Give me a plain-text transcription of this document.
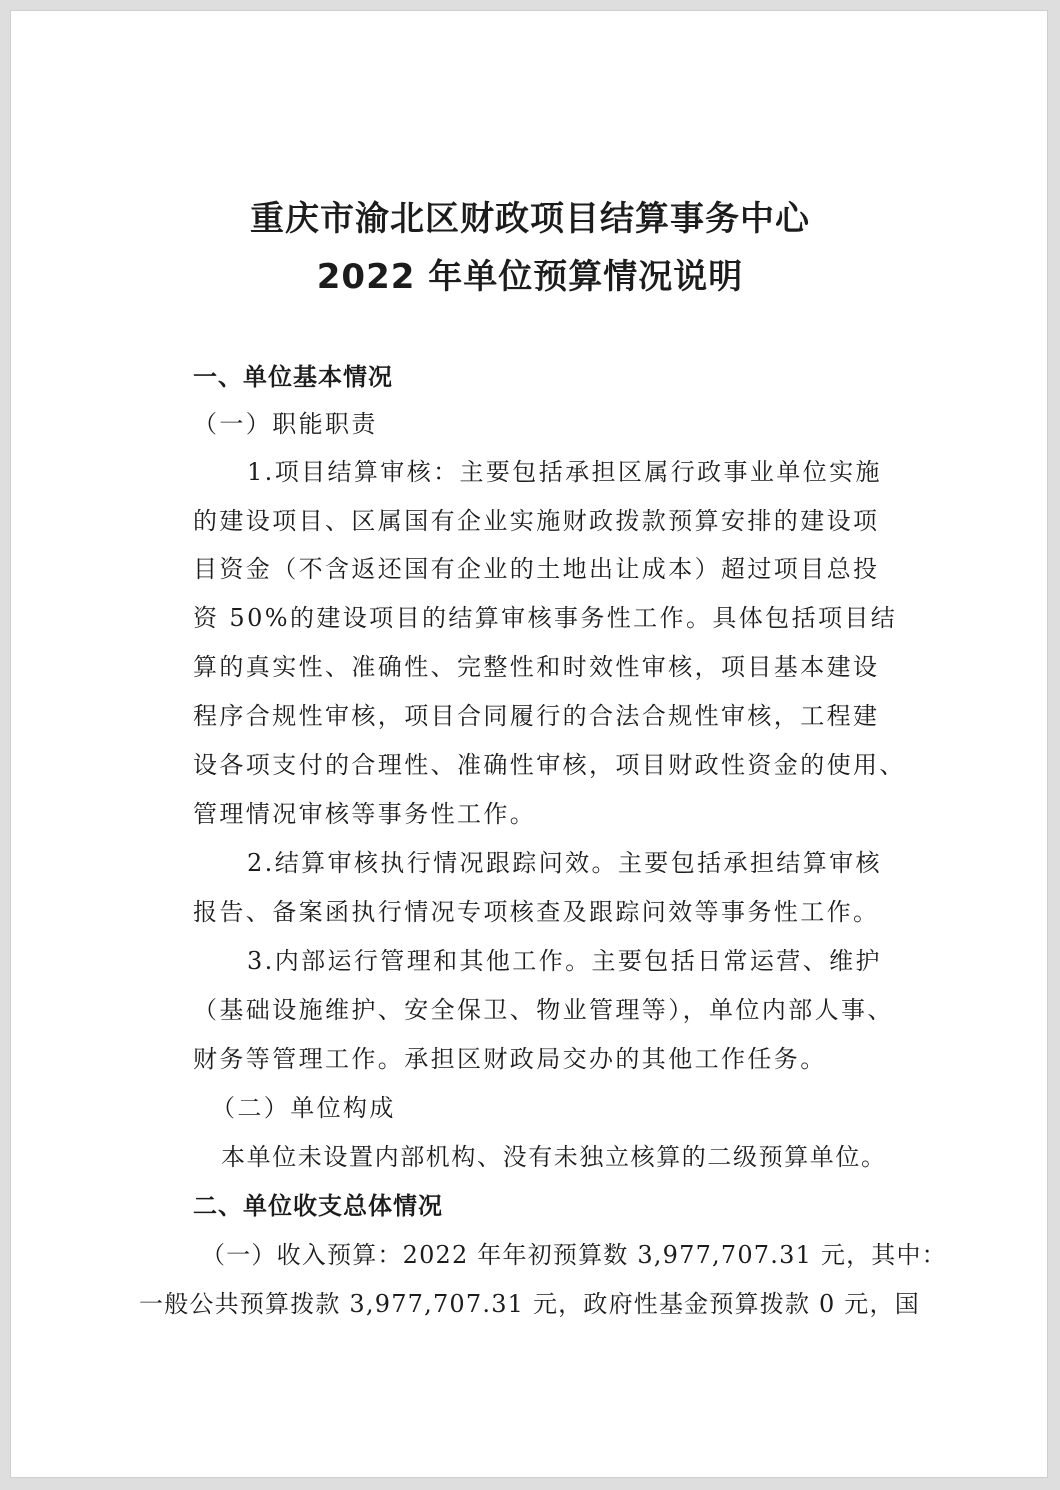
重庆市渝北区财政项目结算事务中心
2022 年单位预算情况说明
一、单位基本情况
（一）职能职责
1.项目结算审核：主要包括承担区属行政事业单位实施
的建设项目、区属国有企业实施财政拨款预算安排的建设项
目资金（不含返还国有企业的土地出让成本）超过项目总投
资 50%的建设项目的结算审核事务性工作。具体包括项目结
算的真实性、准确性、完整性和时效性审核，项目基本建设
程序合规性审核，项目合同履行的合法合规性审核，工程建
设各项支付的合理性、准确性审核，项目财政性资金的使用、
管理情况审核等事务性工作。
2.结算审核执行情况跟踪问效。主要包括承担结算审核
报告、备案函执行情况专项核查及跟踪问效等事务性工作。
3.内部运行管理和其他工作。主要包括日常运营、维护
（基础设施维护、安全保卫、物业管理等），单位内部人事、
财务等管理工作。承担区财政局交办的其他工作任务。
（二）单位构成
本单位未设置内部机构、没有未独立核算的二级预算单位。
二、单位收支总体情况
（一）收入预算：2022 年年初预算数 3,977,707.31 元，其中：
一般公共预算拨款 3,977,707.31 元，政府性基金预算拨款 0 元，国
